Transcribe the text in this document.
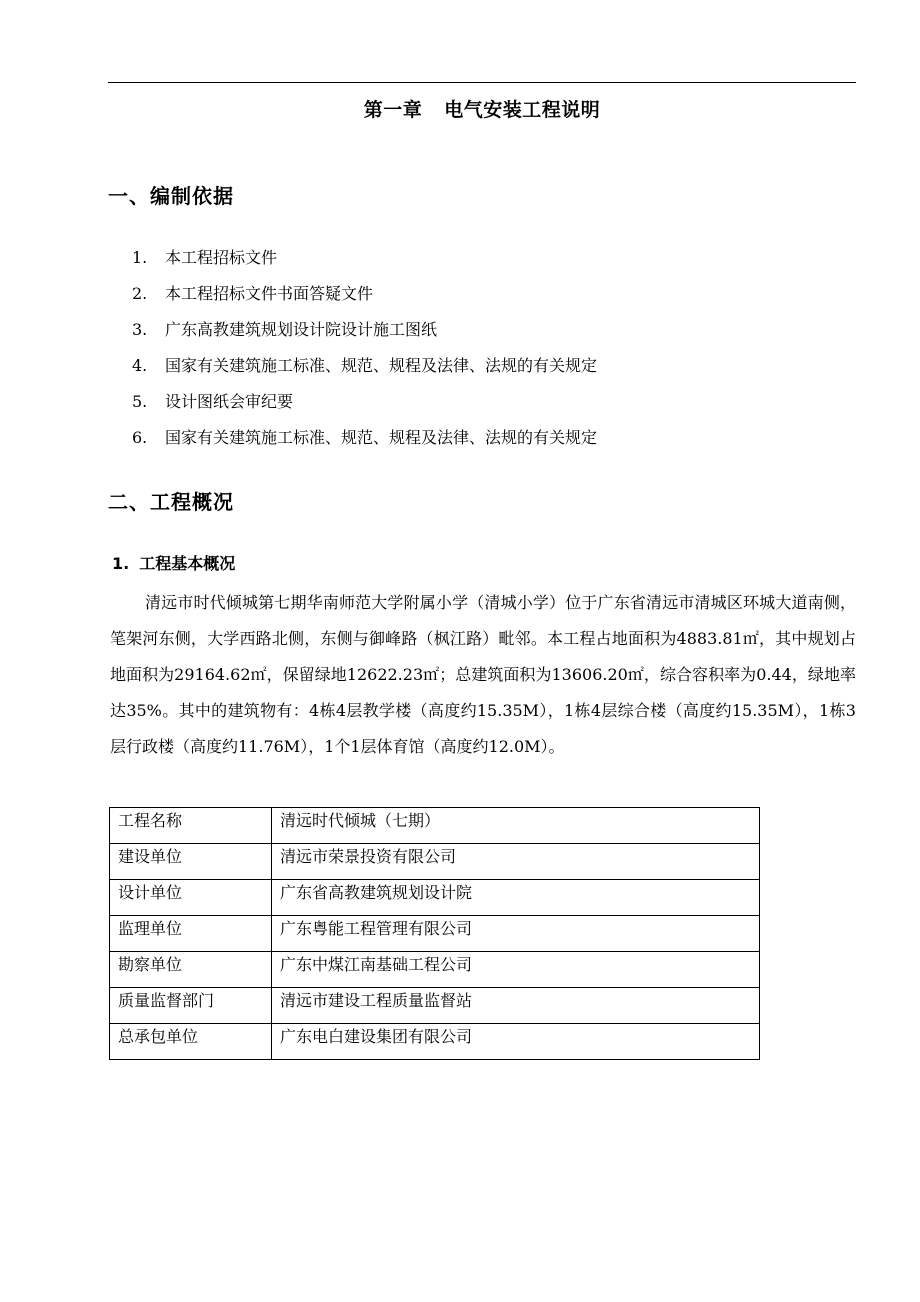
第一章 电气安装工程说明
一、编制依据
1. 本工程招标文件
2. 本工程招标文件书面答疑文件
3. 广东高教建筑规划设计院设计施工图纸
4. 国家有关建筑施工标准、规范、规程及法律、法规的有关规定
5. 设计图纸会审纪要
6. 国家有关建筑施工标准、规范、规程及法律、法规的有关规定
二、工程概况
1. 工程基本概况

清远市时代倾城第七期华南师范大学附属小学（清城小学）位于广东省清远市清城区环城大道南侧，笔架河东侧，大学西路北侧，东侧与御峰路（枫江路）毗邻。本工程占地面积为4883.81㎡，其中规划占地面积为29164.62㎡，保留绿地12622.23㎡；总建筑面积为13606.20㎡，综合容积率为0.44，绿地率达35%。其中的建筑物有：4栋4层教学楼（高度约15.35M），1栋4层综合楼（高度约15.35M），1栋3层行政楼（高度约11.76M），1个1层体育馆（高度约12.0M）。

工程名称	清远时代倾城（七期）
建设单位	清远市荣景投资有限公司
设计单位	广东省高教建筑规划设计院
监理单位	广东粤能工程管理有限公司
勘察单位	广东中煤江南基础工程公司
质量监督部门	清远市建设工程质量监督站
总承包单位	广东电白建设集团有限公司
